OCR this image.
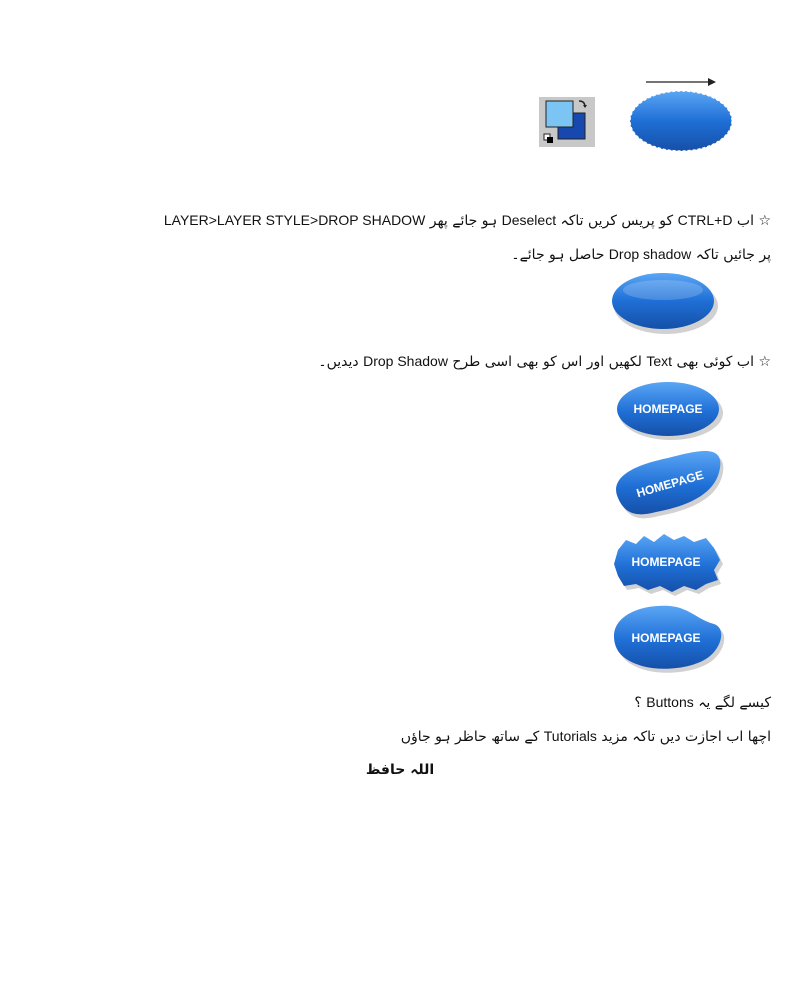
☆ اب CTRL+D کو پریس کریں تاکہ Deselect ہو جائے پھر LAYER>LAYER STYLE>DROP SHADOW
پر جائیں تاکہ Drop shadow حاصل ہو جائے۔
☆ اب کوئی بھی Text لکھیں اور اس کو بھی اسی طرح Drop Shadow دیدیں۔
HOMEPAGE
HOMEPAGE
HOMEPAGE
HOMEPAGE
کیسے لگے یہ Buttons ؟
اچھا اب اجازت دیں تاکہ مزید Tutorials کے ساتھ حاظر ہو جاؤں
اللہ حافظ
